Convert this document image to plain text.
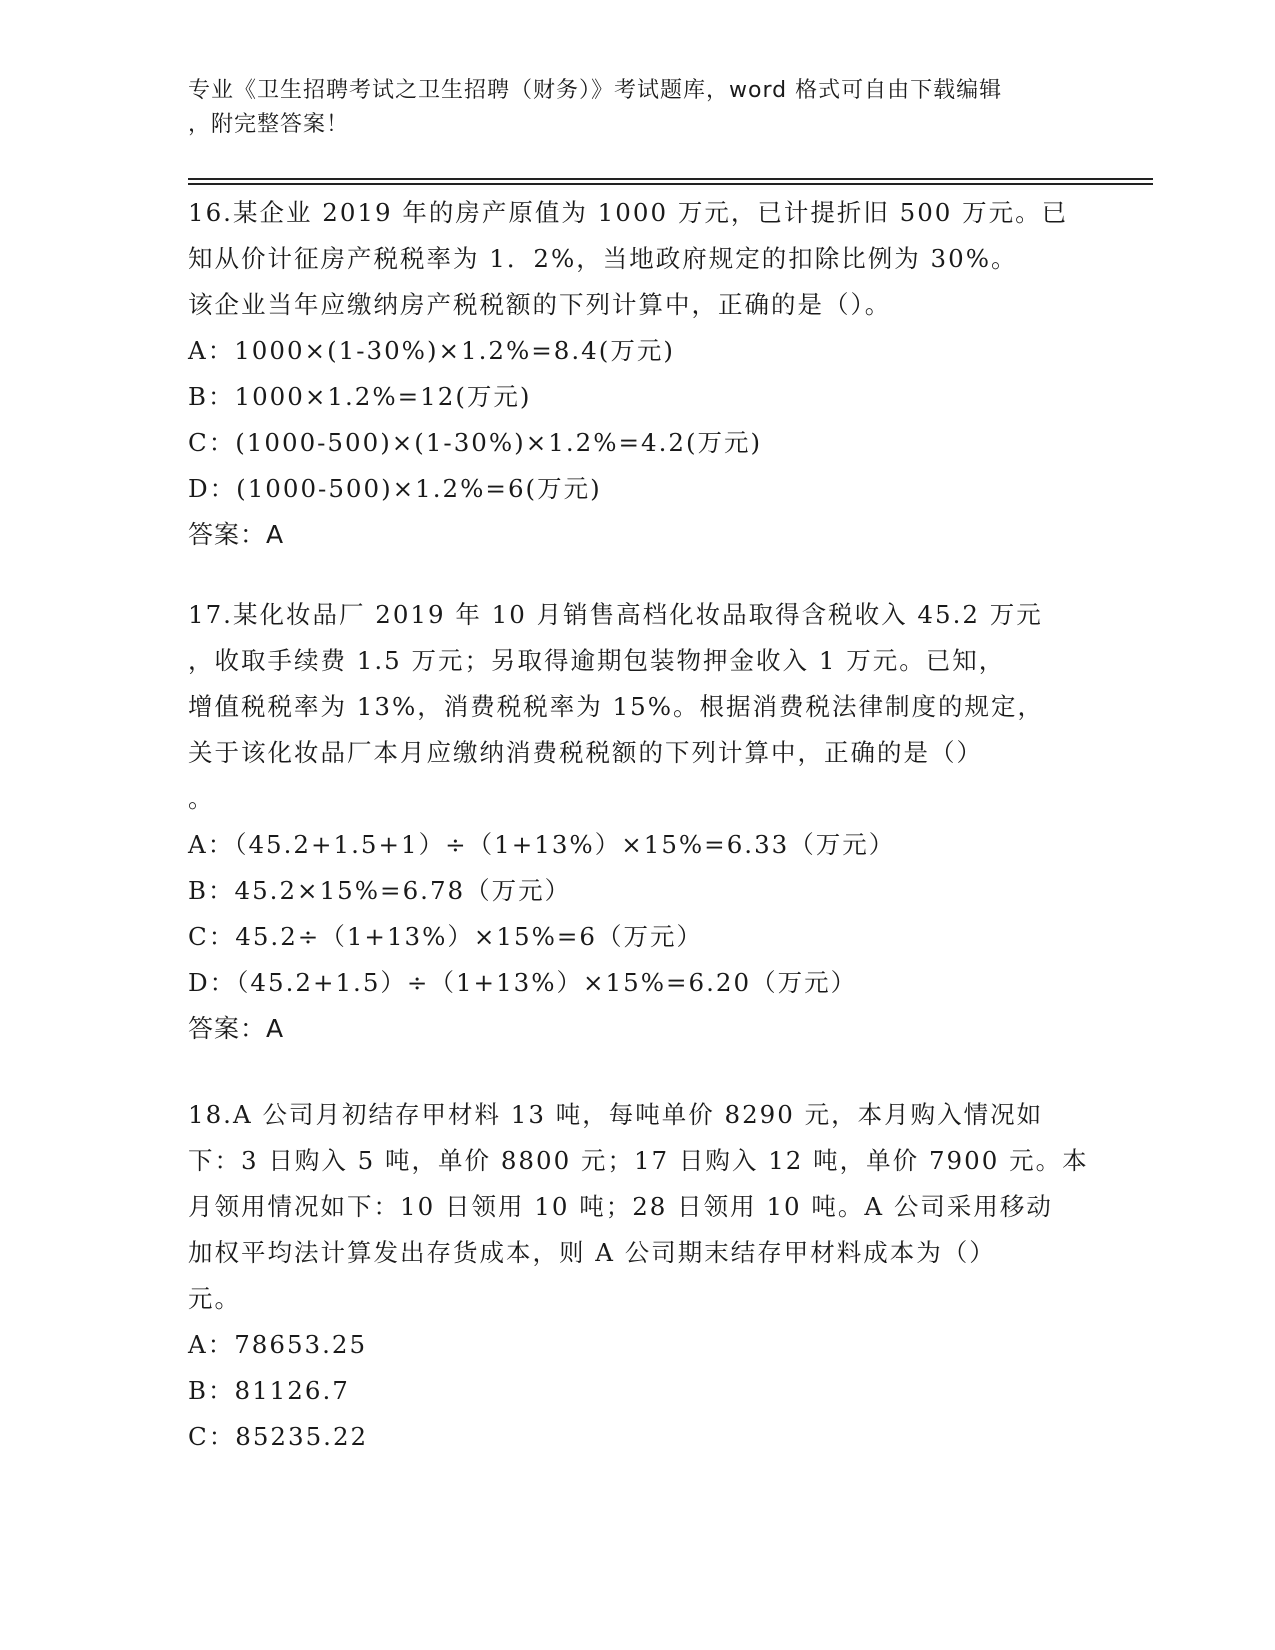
专业《卫生招聘考试之卫生招聘（财务）》考试题库，word 格式可自由下载编辑
，附完整答案！
16.某企业 2019 年的房产原值为 1000 万元，已计提折旧 500 万元。已
知从价计征房产税税率为 1．2%，当地政府规定的扣除比例为 30%。
该企业当年应缴纳房产税税额的下列计算中，正确的是（）。
A：1000×(1-30%)×1.2%=8.4(万元)
B：1000×1.2%=12(万元)
C：(1000-500)×(1-30%)×1.2%=4.2(万元)
D：(1000-500)×1.2%=6(万元)
答案：A
17.某化妆品厂 2019 年 10 月销售高档化妆品取得含税收入 45.2 万元
，收取手续费 1.5 万元；另取得逾期包装物押金收入 1 万元。已知，
增值税税率为 13%，消费税税率为 15%。根据消费税法律制度的规定，
关于该化妆品厂本月应缴纳消费税税额的下列计算中，正确的是（）
。
A：（45.2+1.5+1）÷（1+13%）×15%=6.33（万元）
B：45.2×15%=6.78（万元）
C：45.2÷（1+13%）×15%=6（万元）
D：（45.2+1.5）÷（1+13%）×15%=6.20（万元）
答案：A
18.A 公司月初结存甲材料 13 吨，每吨单价 8290 元，本月购入情况如
下：3 日购入 5 吨，单价 8800 元；17 日购入 12 吨，单价 7900 元。本
月领用情况如下：10 日领用 10 吨；28 日领用 10 吨。A 公司采用移动
加权平均法计算发出存货成本，则 A 公司期末结存甲材料成本为（）
元。
A：78653.25
B：81126.7
C：85235.22
